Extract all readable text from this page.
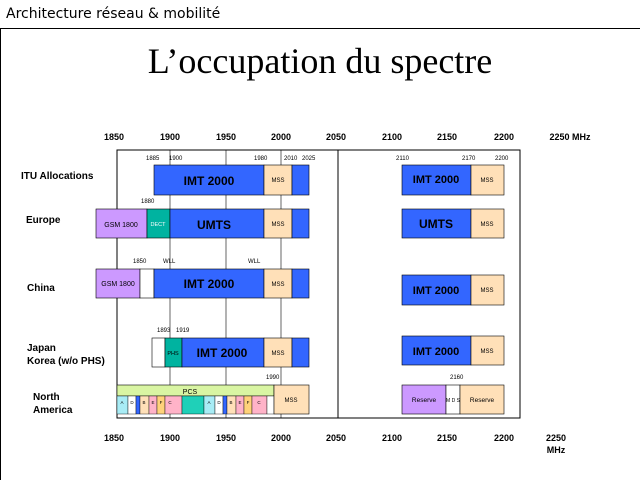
Architecture réseau & mobilité
L’occupation du spectre
1850	1900	1950	2000	2050	2100	2150	2200	2250 MHz
ITU Allocations
Europe
China
Japan
Korea (w/o PHS)
North
America
1885 1900	1980	2010 2025	2110	2170	2200
IMT 2000	MSS	IMT 2000	MSS
1880
GSM 1800 DECT	UMTS	MSS	UMTS	MSS
1850	WLL	WLL
GSM 1800	IMT 2000	MSS	IMT 2000	MSS
1893 1919
PHS IMT 2000	MSS	IMT 2000	MSS
1990	2160
PCS
A D B E F C	A D B E F C	MSS	Reserve M D S Reserve
1850	1900	1950	2000	2050	2100	2150	2200	2250
MHz
